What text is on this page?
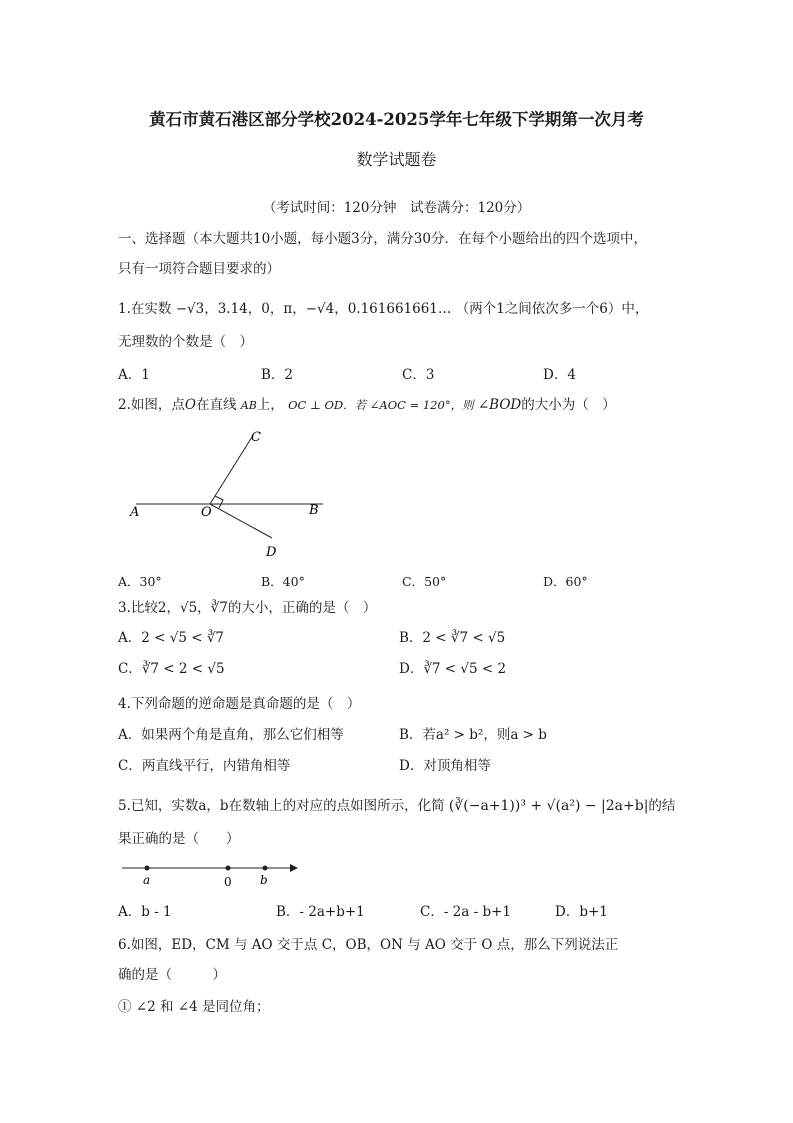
黄石市黄石港区部分学校2024-2025学年七年级下学期第一次月考
数学试题卷
（考试时间：120分钟　试卷满分：120分）
一、选择题（本大题共10小题，每小题3分，满分30分．在每个小题给出的四个选项中，
只有一项符合题目要求的）
1.在实数 −√3，3.14，0，π，−√4，0.161661661… （两个1之间依次多一个6）中，
无理数的个数是（　）
A．1	B．2	C．3	D．4
2.如图，点O在直线 AB上， OC ⊥ OD．若 ∠AOC = 120°，则 ∠BOD的大小为（　）
A	O	B
C
D
A．30°	B．40°	C．50°	D．60°
3.比较2，√5，∛7的大小，正确的是（　）
A．2 < √5 < ∛7	B．2 < ∛7 < √5
C．∛7 < 2 < √5	D．∛7 < √5 < 2
4.下列命题的逆命题是真命题的是（　）
A．如果两个角是直角，那么它们相等	B．若a² > b²，则a > b
C．两直线平行，内错角相等	D．对顶角相等
5.已知，实数a，b在数轴上的对应的点如图所示，化简 (∛(−a+1))³ + √(a²) − |2a+b|的结
果正确的是（　　）
a	0 b
A．b - 1	B．- 2a+b+1	C．- 2a - b+1	D．b+1
6.如图，ED，CM 与 AO 交于点 C，OB，ON 与 AO 交于 O 点，那么下列说法正
确的是（　　　）
① ∠2 和 ∠4 是同位角；
